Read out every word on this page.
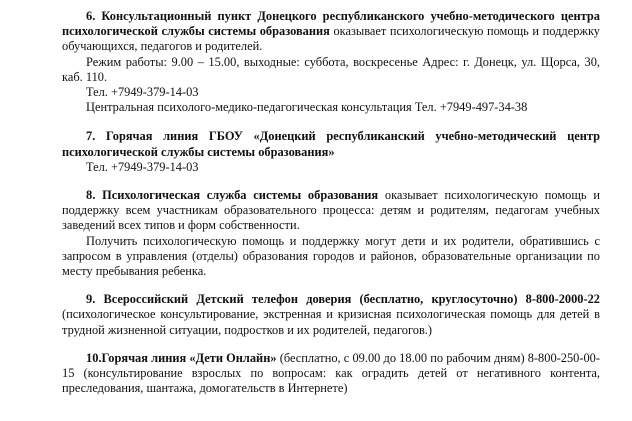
6. Консультационный пункт Донецкого республиканского учебно-методического центра психологической службы системы образования оказывает психологическую помощь и поддержку обучающихся, педагогов и родителей.

Режим работы: 9.00 – 15.00, выходные: суббота, воскресенье Адрес: г. Донецк, ул. Щорса, 30, каб. 110.

Тел. +7949-379-14-03

Центральная психолого-медико-педагогическая консультация Тел. +7949-497-34-38

7. Горячая линия ГБОУ «Донецкий республиканский учебно-методический центр психологической службы системы образования»

Тел. +7949-379-14-03

8. Психологическая служба системы образования оказывает психологическую помощь и поддержку всем участникам образовательного процесса: детям и родителям, педагогам учебных заведений всех типов и форм собственности.

Получить психологическую помощь и поддержку могут дети и их родители, обратившись с запросом в управления (отделы) образования городов и районов, образовательные организации по месту пребывания ребенка.

9. Всероссийский Детский телефон доверия (бесплатно, круглосуточно) 8-800-2000-22 (психологическое консультирование, экстренная и кризисная психологическая помощь для детей в трудной жизненной ситуации, подростков и их родителей, педагогов.)

10.Горячая линия «Дети Онлайн» (бесплатно, с 09.00 до 18.00 по рабочим дням) 8-800-250-00-15 (консультирование взрослых по вопросам: как оградить детей от негативного контента, преследования, шантажа, домогательств в Интернете)
